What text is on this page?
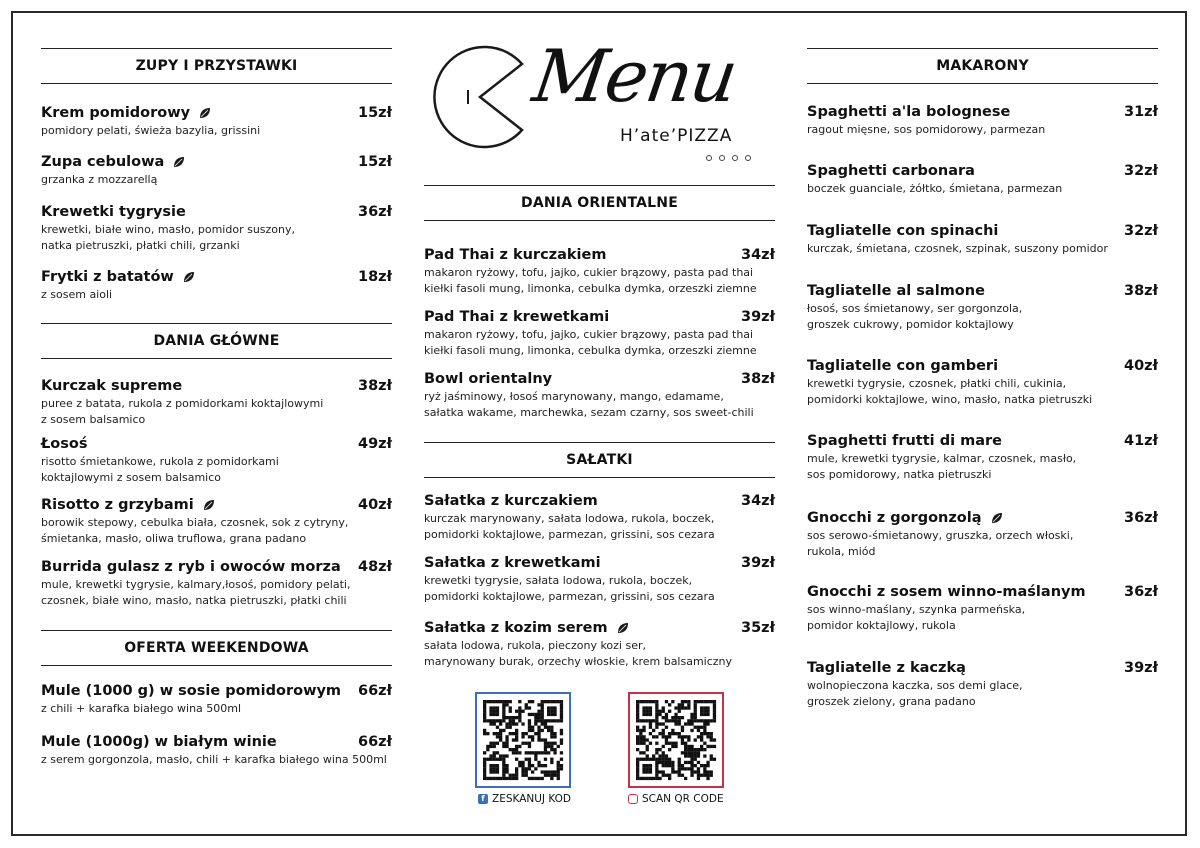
ZUPY I PRZYSTAWKI
Krem pomidorowy	15zł
pomidory pelati, świeża bazylia, grissini
Zupa cebulowa	15zł
grzanka z mozzarellą
Krewetki tygrysie	36zł
krewetki, białe wino, masło, pomidor suszony,
natka pietruszki, płatki chili, grzanki
Frytki z batatów	18zł
z sosem aioli
DANIA GŁÓWNE
Kurczak supreme	38zł
puree z batata, rukola z pomidorkami koktajlowymi
z sosem balsamico
Łosoś	49zł
risotto śmietankowe, rukola z pomidorkami
koktajlowymi z sosem balsamico
Risotto z grzybami	40zł
borowik stepowy, cebulka biała, czosnek, sok z cytryny,
śmietanka, masło, oliwa truflowa, grana padano
Burrida gulasz z ryb i owoców morza 48zł
mule, krewetki tygrysie, kalmary,łosoś, pomidory pelati,
czosnek, białe wino, masło, natka pietruszki, płatki chili
OFERTA WEEKENDOWA
Mule (1000 g) w sosie pomidorowym 66zł
z chili + karafka białego wina 500ml
Mule (1000g) w białym winie	66zł
z serem gorgonzola, masło, chili + karafka białego wina 500ml
Menu
H’ate’PIZZA
DANIA ORIENTALNE
Pad Thai z kurczakiem	34zł
makaron ryżowy, tofu, jajko, cukier brązowy, pasta pad thai
kiełki fasoli mung, limonka, cebulka dymka, orzeszki ziemne
Pad Thai z krewetkami	39zł
makaron ryżowy, tofu, jajko, cukier brązowy, pasta pad thai
kiełki fasoli mung, limonka, cebulka dymka, orzeszki ziemne
Bowl orientalny	38zł
ryż jaśminowy, łosoś marynowany, mango, edamame,
sałatka wakame, marchewka, sezam czarny, sos sweet-chili
SAŁATKI
Sałatka z kurczakiem	34zł
kurczak marynowany, sałata lodowa, rukola, boczek,
pomidorki koktajlowe, parmezan, grissini, sos cezara
Sałatka z krewetkami	39zł
krewetki tygrysie, sałata lodowa, rukola, boczek,
pomidorki koktajlowe, parmezan, grissini, sos cezara
Sałatka z kozim serem	35zł
sałata lodowa, rukola, pieczony kozi ser,
marynowany burak, orzechy włoskie, krem balsamiczny
f ZESKANUJ KOD	SCAN QR CODE
MAKARONY
Spaghetti a'la bolognese	31zł
ragout mięsne, sos pomidorowy, parmezan
Spaghetti carbonara	32zł
boczek guanciale, żółtko, śmietana, parmezan
Tagliatelle con spinachi	32zł
kurczak, śmietana, czosnek, szpinak, suszony pomidor
Tagliatelle al salmone	38zł
łosoś, sos śmietanowy, ser gorgonzola,
groszek cukrowy, pomidor koktajlowy
Tagliatelle con gamberi	40zł
krewetki tygrysie, czosnek, płatki chili, cukinia,
pomidorki koktajlowe, wino, masło, natka pietruszki
Spaghetti frutti di mare	41zł
mule, krewetki tygrysie, kalmar, czosnek, masło,
sos pomidorowy, natka pietruszki
Gnocchi z gorgonzolą	36zł
sos serowo-śmietanowy, gruszka, orzech włoski,
rukola, miód
Gnocchi z sosem winno-maślanym	36zł
sos winno-maślany, szynka parmeńska,
pomidor koktajlowy, rukola
Tagliatelle z kaczką	39zł
wolnopieczona kaczka, sos demi glace,
groszek zielony, grana padano
